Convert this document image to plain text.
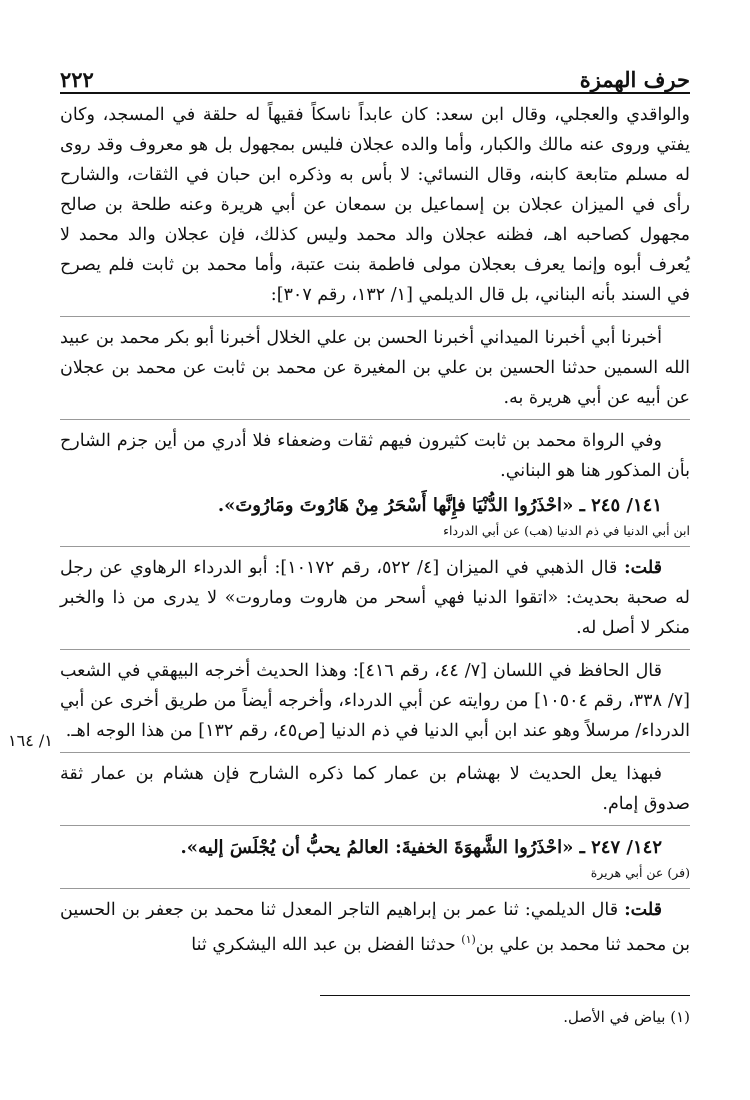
حرف الهمزة
٢٢٢

والواقدي والعجلي، وقال ابن سعد: كان عابداً ناسكاً فقيهاً له حلقة في المسجد، وكان يفتي وروى عنه مالك والكبار، وأما والده عجلان فليس بمجهول بل هو معروف وقد روى له مسلم متابعة كابنه، وقال النسائي: لا بأس به وذكره ابن حبان في الثقات، والشارح رأى في الميزان عجلان بن إسماعيل بن سمعان عن أبي هريرة وعنه طلحة بن صالح مجهول كصاحبه اهـ، فظنه عجلان والد محمد وليس كذلك، فإن عجلان والد محمد لا يُعرف أبوه وإنما يعرف بعجلان مولى فاطمة بنت عتبة، وأما محمد بن ثابت فلم يصرح في السند بأنه البناني، بل قال الديلمي [١/ ١٣٢، رقم ٣٠٧]:

أخبرنا أبي أخبرنا الميداني أخبرنا الحسن بن علي الخلال أخبرنا أبو بكر محمد بن عبيد الله السمين حدثنا الحسين بن علي بن المغيرة عن محمد بن ثابت عن محمد بن عجلان عن أبيه عن أبي هريرة به.

وفي الرواة محمد بن ثابت كثيرون فيهم ثقات وضعفاء فلا أدري من أين جزم الشارح بأن المذكور هنا هو البناني.

١٤١/ ٢٤٥ ـ «احْذَرُوا الدُّنْيَا فإِنَّها أَسْحَرُ مِنْ هَارُوتَ ومَارُوتَ».
ابن أبي الدنيا في ذم الدنيا (هب) عن أبي الدرداء

قلت: قال الذهبي في الميزان [٤/ ٥٢٢، رقم ١٠١٧٢]: أبو الدرداء الرهاوي عن رجل له صحبة بحديث: «اتقوا الدنيا فهي أسحر من هاروت وماروت» لا يدرى من ذا والخبر منكر لا أصل له.

قال الحافظ في اللسان [٧/ ٤٤، رقم ٤١٦]: وهذا الحديث أخرجه البيهقي في الشعب [٧/ ٣٣٨، رقم ١٠٥٠٤] من روايته عن أبي الدرداء، وأخرجه أيضاً من طريق أخرى عن أبي الدرداء/ مرسلاً وهو عند ابن أبي الدنيا في ذم الدنيا [ص٤٥، رقم ١٣٢] من هذا الوجه اهـ.

فبهذا يعل الحديث لا بهشام بن عمار كما ذكره الشارح فإن هشام بن عمار ثقة صدوق إمام.

١٤٢/ ٢٤٧ ـ «احْذَرُوا الشَّهوَةَ الخفيةَ: العالمُ يحبُّ أن يُجْلَسَ إليه».
(فر) عن أبي هريرة

قلت: قال الديلمي: ثنا عمر بن إبراهيم التاجر المعدل ثنا محمد بن جعفر بن الحسين بن محمد ثنا محمد بن علي بن$^{(١)}$ حدثنا الفضل بن عبد الله اليشكري ثنا

١/ ١٦٤
(١) بياض في الأصل.
